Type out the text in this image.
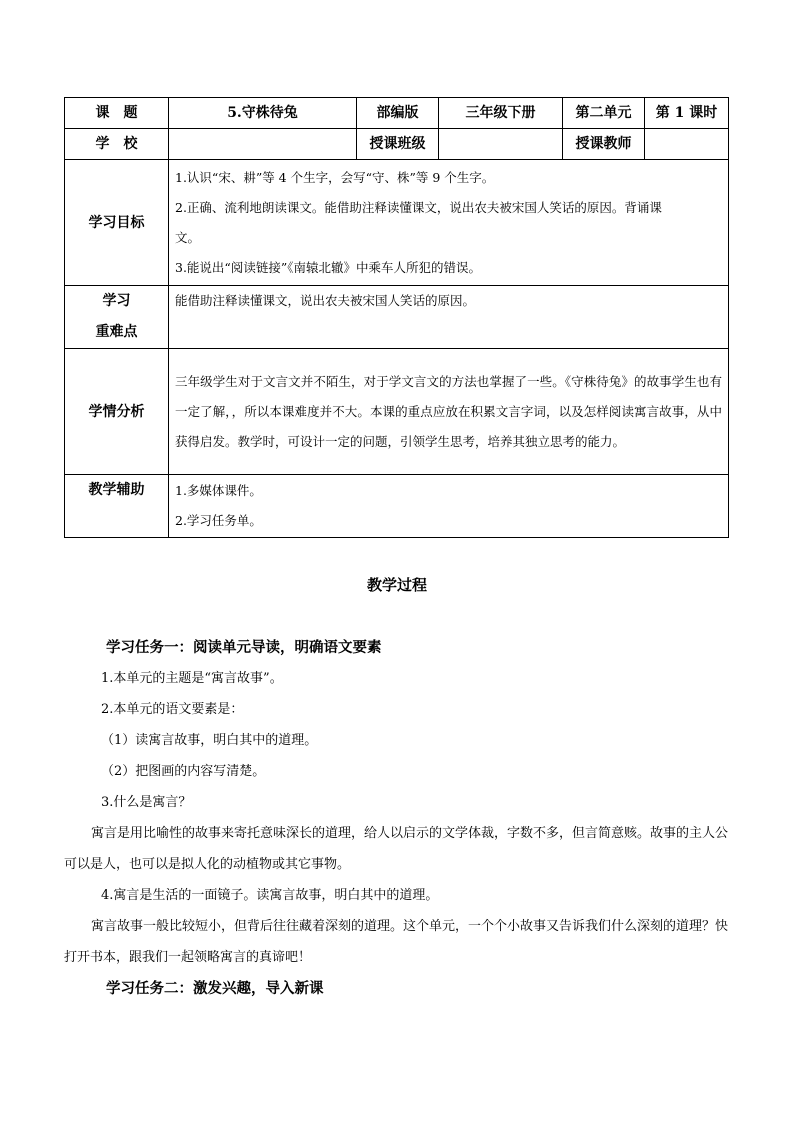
课　题	5.守株待兔	部编版	三年级下册	第二单元	第 1 课时
学　校		授课班级		授课教师	
学习目标	1.认识“宋、耕”等 4 个生字，会写“守、株”等 9 个生字。
2.正确、流利地朗读课文。能借助注释读懂课文，说出农夫被宋国人笑话的原因。背诵课
文。
3.能说出“阅读链接”《南辕北辙》中乘车人所犯的错误。				

学习
重难点	能借助注释读懂课文，说出农夫被宋国人笑话的原因。				
学情分析	三年级学生对于文言文并不陌生，对于学文言文的方法也掌握了一些。《守株待兔》的故事学生也有一定了解，，所以本课难度并不大。本课的重点应放在积累文言字词，以及怎样阅读寓言故事，从中获得启发。教学时，可设计一定的问题，引领学生思考，培养其独立思考的能力。				
教学辅助	1.多媒体课件。
2.学习任务单。				
教学过程
学习任务一：阅读单元导读，明确语文要素
1.本单元的主题是“寓言故事”。
2.本单元的语文要素是：
（1）读寓言故事，明白其中的道理。
（2）把图画的内容写清楚。
3.什么是寓言？
寓言是用比喻性的故事来寄托意味深长的道理，给人以启示的文学体裁，字数不多，但言简意赅。故事的主人公可以是人，也可以是拟人化的动植物或其它事物。
4.寓言是生活的一面镜子。读寓言故事，明白其中的道理。
寓言故事一般比较短小，但背后往往藏着深刻的道理。这个单元，一个个小故事又告诉我们什么深刻的道理？快打开书本，跟我们一起领略寓言的真谛吧！
学习任务二：激发兴趣，导入新课
